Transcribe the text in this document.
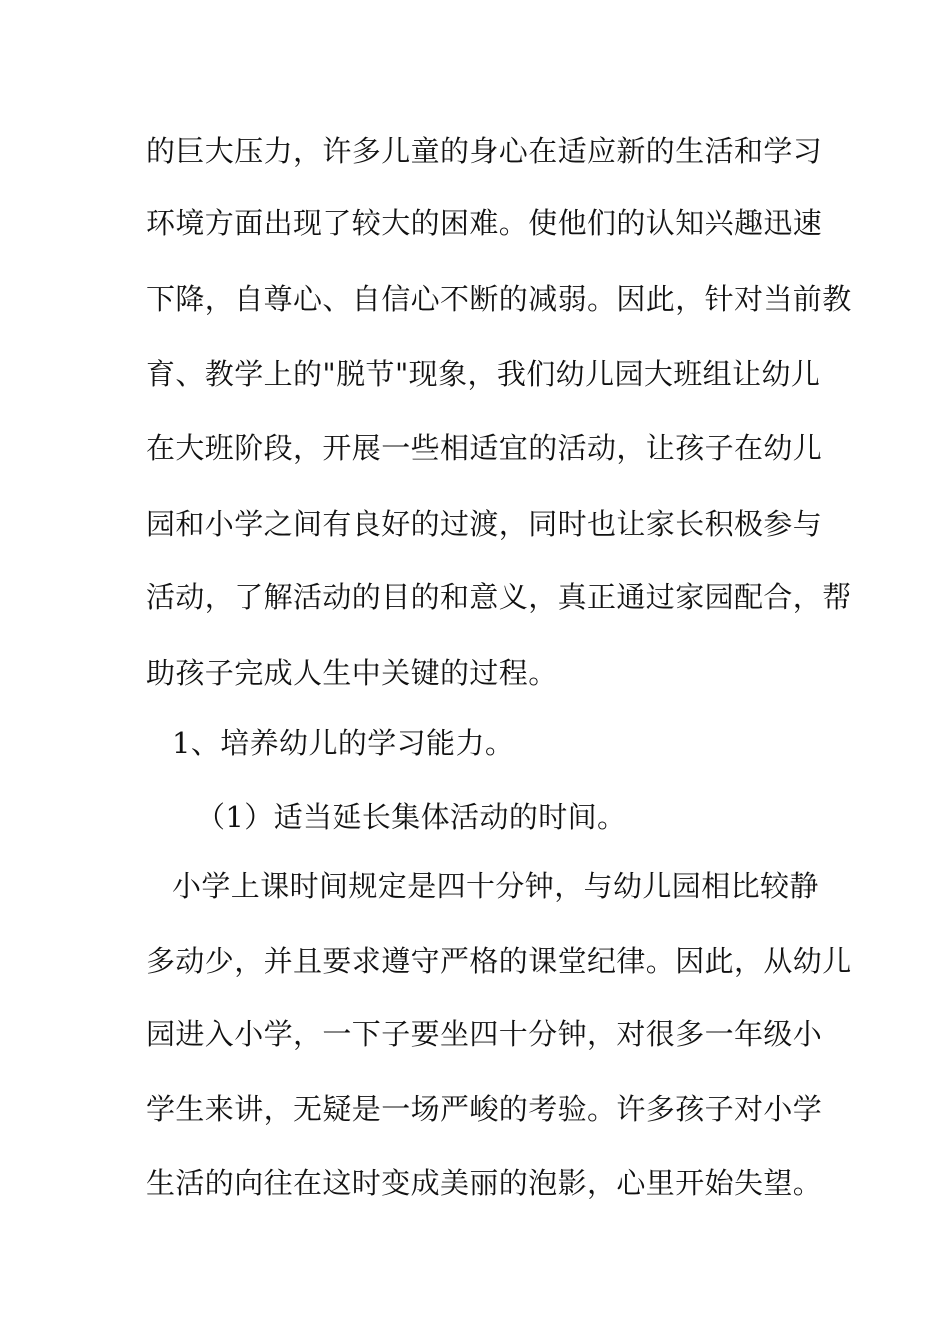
的巨大压力，许多儿童的身心在适应新的生活和学习
环境方面出现了较大的困难。使他们的认知兴趣迅速
下降，自尊心、自信心不断的减弱。因此，针对当前教
育、教学上的"脱节"现象，我们幼儿园大班组让幼儿
在大班阶段，开展一些相适宜的活动，让孩子在幼儿
园和小学之间有良好的过渡，同时也让家长积极参与
活动，了解活动的目的和意义，真正通过家园配合，帮
助孩子完成人生中关键的过程。
1、培养幼儿的学习能力。
（1）适当延长集体活动的时间。
小学上课时间规定是四十分钟，与幼儿园相比较静
多动少，并且要求遵守严格的课堂纪律。因此，从幼儿
园进入小学，一下子要坐四十分钟，对很多一年级小
学生来讲，无疑是一场严峻的考验。许多孩子对小学
生活的向往在这时变成美丽的泡影，心里开始失望。
